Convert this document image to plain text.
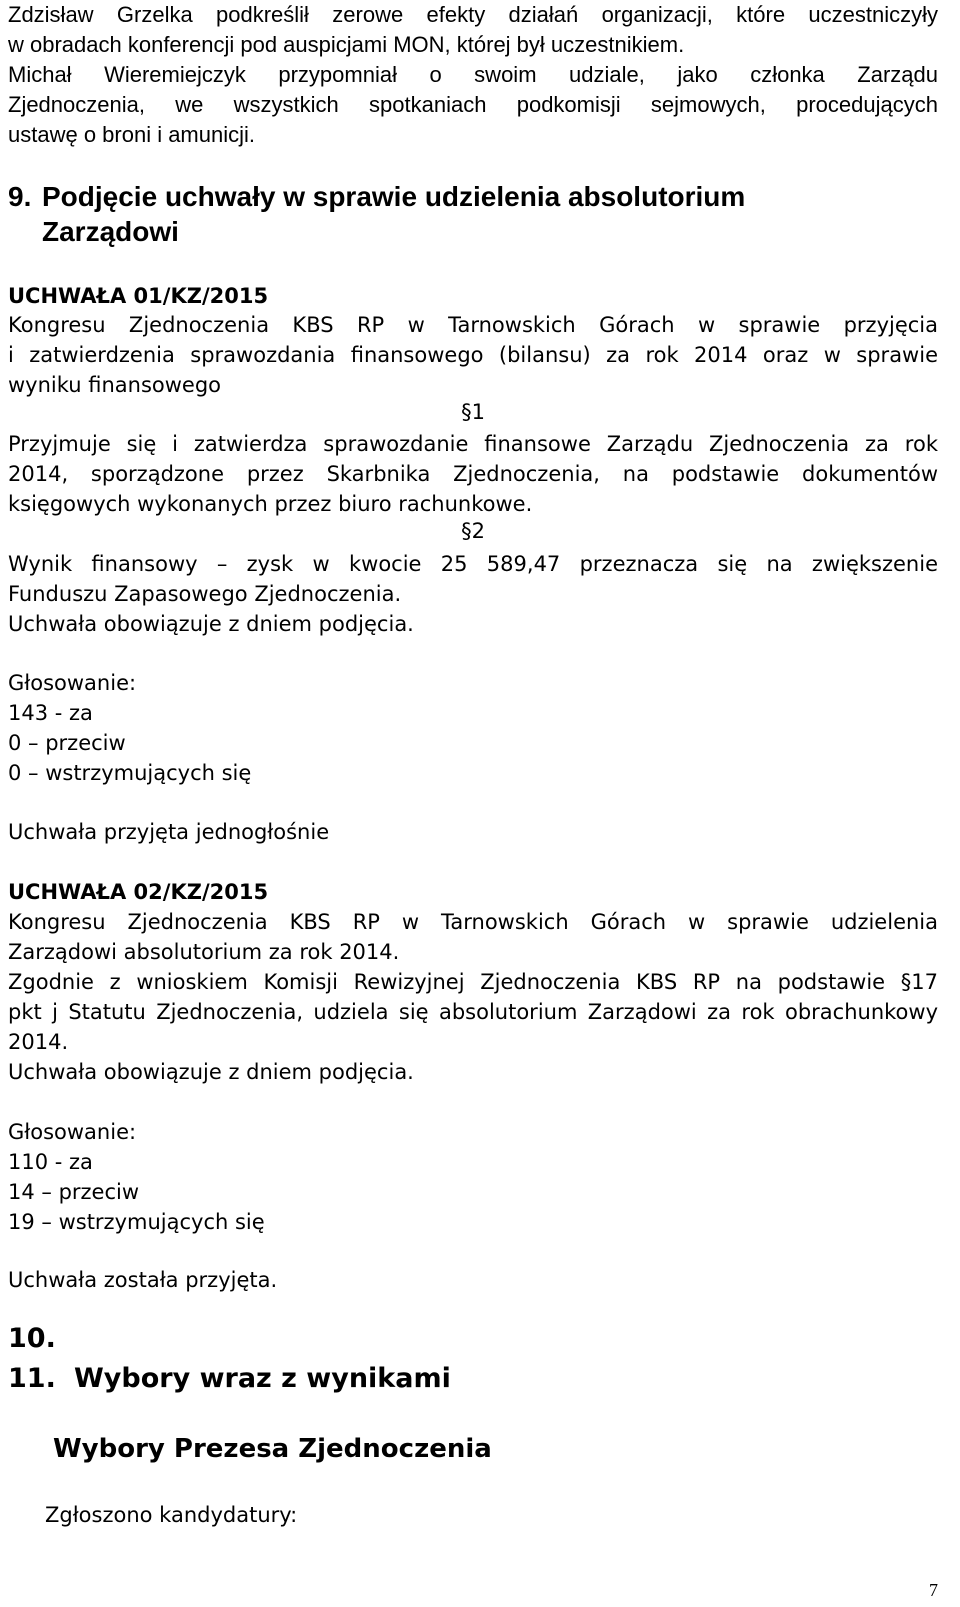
Zdzisław Grzelka podkreślił zerowe efekty działań organizacji, które uczestniczyły

w obradach konferencji pod auspicjami MON, której był uczestnikiem.

Michał Wieremiejczyk przypomniał o swoim udziale, jako członka Zarządu

Zjednoczenia, we wszystkich spotkaniach podkomisji sejmowych, procedujących

ustawę o broni i amunicji.

9. Podjęcie uchwały w sprawie udzielenia absolutorium
Zarządowi

UCHWAŁA 01/KZ/2015

Kongresu Zjednoczenia KBS RP w Tarnowskich Górach w sprawie przyjęcia

i zatwierdzenia sprawozdania finansowego (bilansu) za rok 2014 oraz w sprawie

wyniku finansowego

§1

Przyjmuje się i zatwierdza sprawozdanie finansowe Zarządu Zjednoczenia za rok

2014, sporządzone przez Skarbnika Zjednoczenia, na podstawie dokumentów

księgowych wykonanych przez biuro rachunkowe.

§2

Wynik finansowy – zysk w kwocie 25 589,47 przeznacza się na zwiększenie

Funduszu Zapasowego Zjednoczenia.

Uchwała obowiązuje z dniem podjęcia.

Głosowanie:

143 - za

0 – przeciw

0 – wstrzymujących się

Uchwała przyjęta jednogłośnie

UCHWAŁA 02/KZ/2015

Kongresu Zjednoczenia KBS RP w Tarnowskich Górach w sprawie udzielenia

Zarządowi absolutorium za rok 2014.

Zgodnie z wnioskiem Komisji Rewizyjnej Zjednoczenia KBS RP na podstawie §17

pkt j Statutu Zjednoczenia, udziela się absolutorium Zarządowi za rok obrachunkowy

2014.

Uchwała obowiązuje z dniem podjęcia.

Głosowanie:

110 - za

14 – przeciw

19 – wstrzymujących się

Uchwała została przyjęta.

10.
11. Wybory wraz z wynikami

Wybory Prezesa Zjednoczenia

Zgłoszono kandydatury:

7
